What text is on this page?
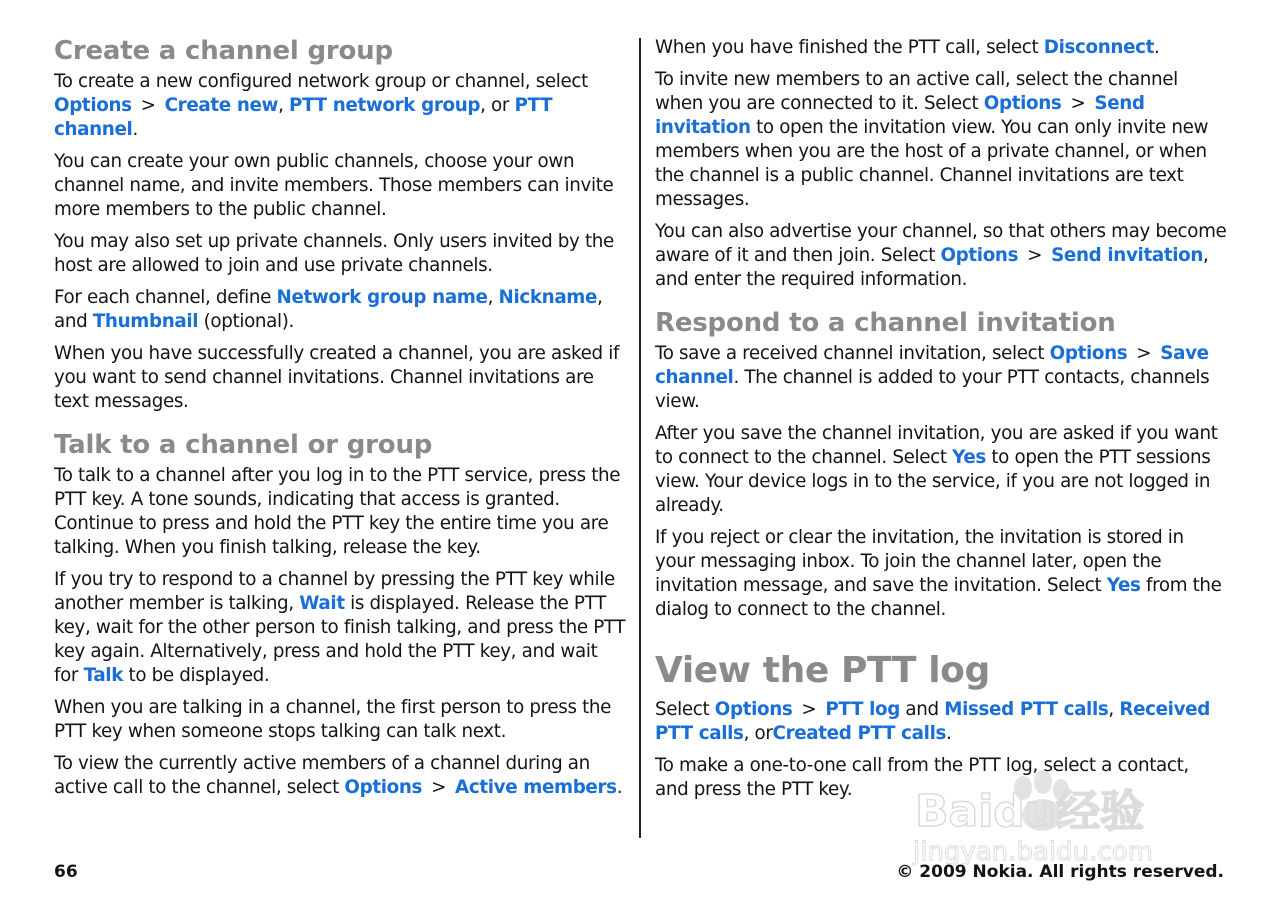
Create a channel group

To create a new configured network group or channel, select Options > Create new, PTT network group, or PTT channel.

You can create your own public channels, choose your own channel name, and invite members. Those members can invite more members to the public channel.

You may also set up private channels. Only users invited by the host are allowed to join and use private channels.

For each channel, define Network group name, Nickname, and Thumbnail (optional).

When you have successfully created a channel, you are asked if you want to send channel invitations. Channel invitations are text messages.

Talk to a channel or group

To talk to a channel after you log in to the PTT service, press the PTT key. A tone sounds, indicating that access is granted. Continue to press and hold the PTT key the entire time you are talking. When you finish talking, release the key.

If you try to respond to a channel by pressing the PTT key while another member is talking, Wait is displayed. Release the PTT key, wait for the other person to finish talking, and press the PTT key again. Alternatively, press and hold the PTT key, and wait for Talk to be displayed.

When you are talking in a channel, the first person to press the PTT key when someone stops talking can talk next.

To view the currently active members of a channel during an active call to the channel, select Options > Active members.

When you have finished the PTT call, select Disconnect.

To invite new members to an active call, select the channel when you are connected to it. Select Options > Send invitation to open the invitation view. You can only invite new members when you are the host of a private channel, or when the channel is a public channel. Channel invitations are text messages.

You can also advertise your channel, so that others may become aware of it and then join. Select Options > Send invitation, and enter the required information.

Respond to a channel invitation

To save a received channel invitation, select Options > Save channel. The channel is added to your PTT contacts, channels view.

After you save the channel invitation, you are asked if you want to connect to the channel. Select Yes to open the PTT sessions view. Your device logs in to the service, if you are not logged in already.

If you reject or clear the invitation, the invitation is stored in your messaging inbox. To join the channel later, open the invitation message, and save the invitation. Select Yes from the dialog to connect to the channel.

View the PTT log

Select Options > PTT log and Missed PTT calls, Received PTT calls, orCreated PTT calls.

To make a one-to-one call from the PTT log, select a contact, and press the PTT key.	Baidu经验
jingyan.baidu.com
66	© 2009 Nokia. All rights reserved.
